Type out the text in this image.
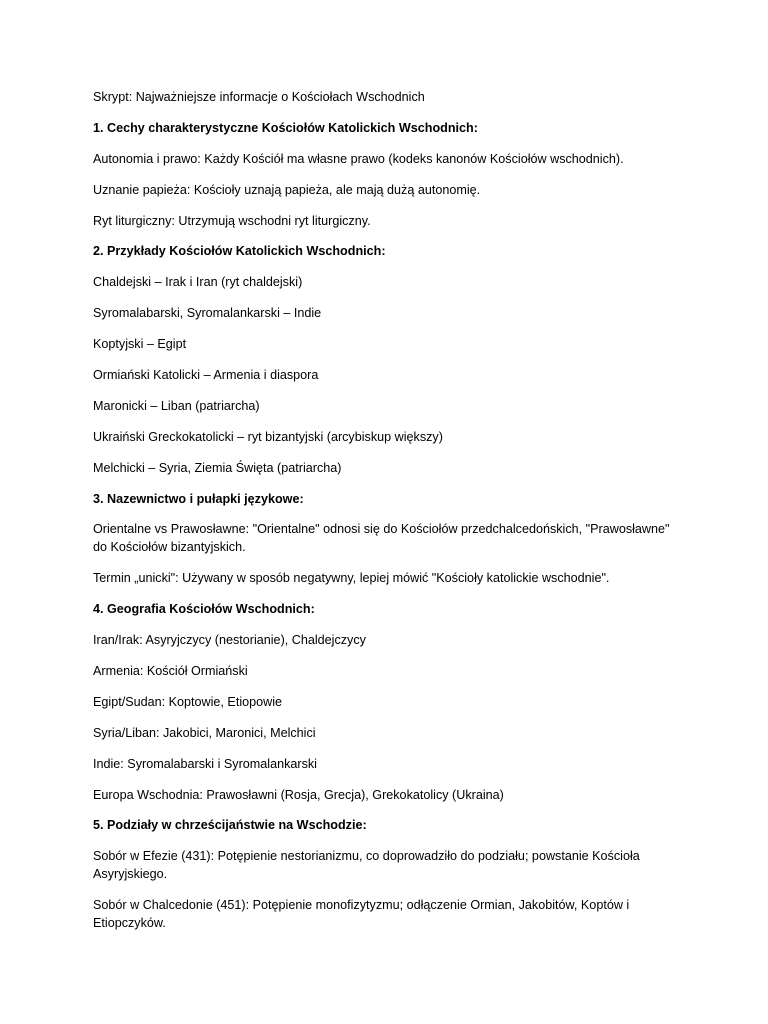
Skrypt: Najważniejsze informacje o Kościołach Wschodnich

1. Cechy charakterystyczne Kościołów Katolickich Wschodnich:

Autonomia i prawo: Każdy Kościół ma własne prawo (kodeks kanonów Kościołów wschodnich).

Uznanie papieża: Kościoły uznają papieża, ale mają dużą autonomię.

Ryt liturgiczny: Utrzymują wschodni ryt liturgiczny.

2. Przykłady Kościołów Katolickich Wschodnich:

Chaldejski – Irak i Iran (ryt chaldejski)

Syromalabarski, Syromalankarski – Indie

Koptyjski – Egipt

Ormiański Katolicki – Armenia i diaspora

Maronicki – Liban (patriarcha)

Ukraiński Greckokatolicki – ryt bizantyjski (arcybiskup większy)

Melchicki – Syria, Ziemia Święta (patriarcha)

3. Nazewnictwo i pułapki językowe:

Orientalne vs Prawosławne: "Orientalne" odnosi się do Kościołów przedchalcedońskich, "Prawosławne" do Kościołów bizantyjskich.

Termin „unicki": Używany w sposób negatywny, lepiej mówić "Kościoły katolickie wschodnie".

4. Geografia Kościołów Wschodnich:

Iran/Irak: Asyryjczycy (nestorianie), Chaldejczycy

Armenia: Kościół Ormiański

Egipt/Sudan: Koptowie, Etiopowie

Syria/Liban: Jakobici, Maronici, Melchici

Indie: Syromalabarski i Syromalankarski

Europa Wschodnia: Prawosławni (Rosja, Grecja), Grekokatolicy (Ukraina)

5. Podziały w chrześcijaństwie na Wschodzie:

Sobór w Efezie (431): Potępienie nestorianizmu, co doprowadziło do podziału; powstanie Kościoła Asyryjskiego.

Sobór w Chalcedonie (451): Potępienie monofizytyzmu; odłączenie Ormian, Jakobitów, Koptów i Etiopczyków.
